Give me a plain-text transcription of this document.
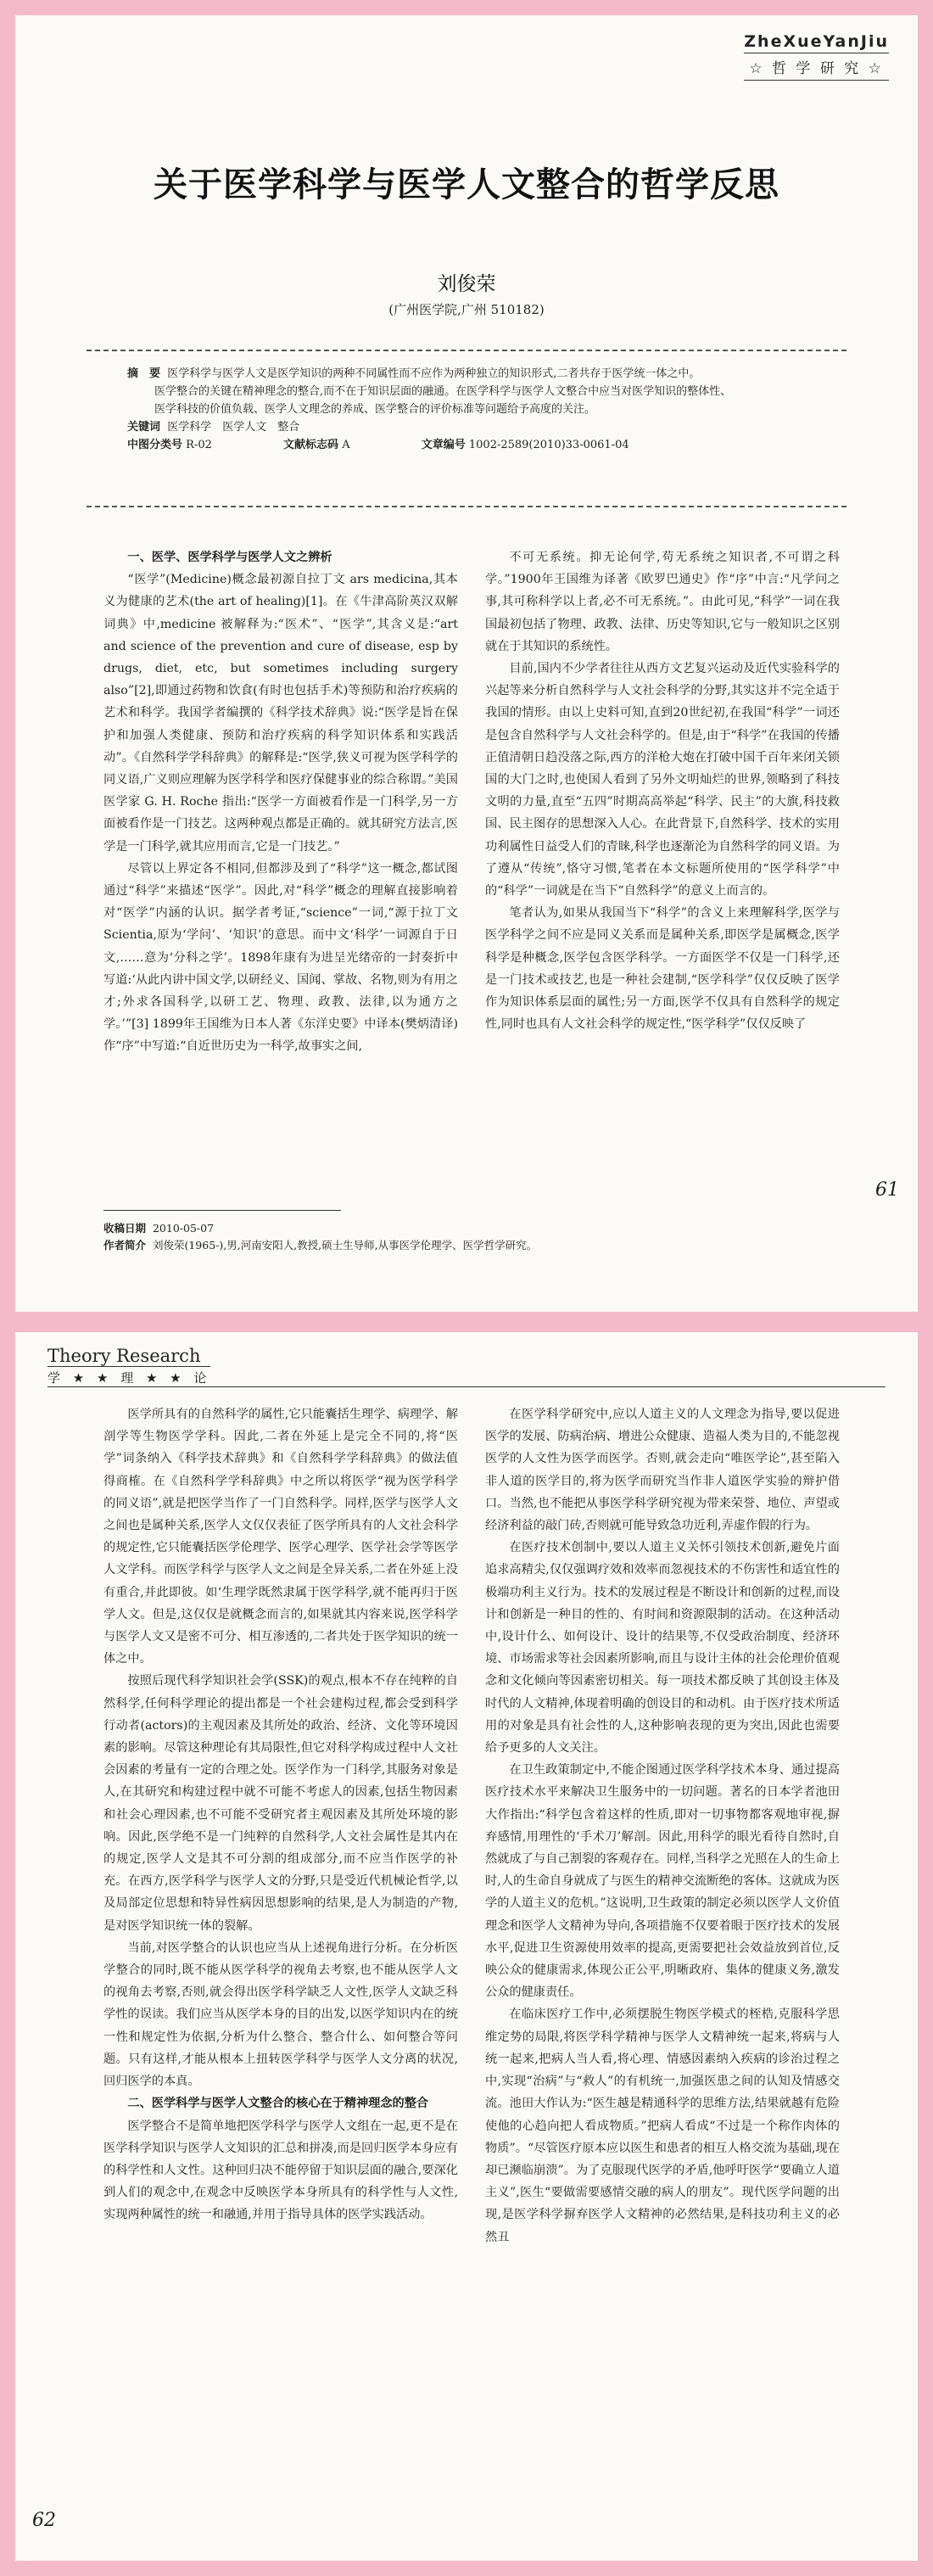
ZheXueYanJiu
☆ 哲 学 研 究 ☆
关于医学科学与医学人文整合的哲学反思
刘俊荣
(广州医学院,广州 510182)
摘　要 医学科学与医学人文是医学知识的两种不同属性而不应作为两种独立的知识形式,二者共存于医学统一体之中。
医学整合的关键在精神理念的整合,而不在于知识层面的融通。在医学科学与医学人文整合中应当对医学知识的整体性、
医学科技的价值负载、医学人文理念的养成、医学整合的评价标准等问题给予高度的关注。
关键词 医学科学　医学人文　整合
中图分类号 R-02	文献标志码 A	文章编号 1002-2589(2010)33-0061-04

一、医学、医学科学与医学人文之辨析

“医学”(Medicine)概念最初源自拉丁文 ars medicina,其本义为健康的艺术(the art of healing)[1]。在《牛津高阶英汉双解词典》中,medicine 被解释为:“医术”、“医学”,其含义是:“art and science of the prevention and cure of disease, esp by drugs, diet, etc, but sometimes including surgery also”[2],即通过药物和饮食(有时也包括手术)等预防和治疗疾病的艺术和科学。我国学者编撰的《科学技术辞典》说:“医学是旨在保护和加强人类健康、预防和治疗疾病的科学知识体系和实践活动”。《自然科学学科辞典》的解释是:“医学,狭义可视为医学科学的同义语,广义则应理解为医学科学和医疗保健事业的综合称谓。”美国医学家 G. H. Roche 指出:“医学一方面被看作是一门科学,另一方面被看作是一门技艺。这两种观点都是正确的。就其研究方法言,医学是一门科学,就其应用而言,它是一门技艺。”

尽管以上界定各不相同,但都涉及到了“科学”这一概念,都试图通过“科学”来描述“医学”。因此,对“科学”概念的理解直接影响着对“医学”内涵的认识。据学者考证,“science”一词,“源于拉丁文 Scientia,原为‘学问’、‘知识’的意思。而中文‘科学’一词源自于日文,……意为‘分科之学’。1898年康有为进呈光绪帝的一封奏折中写道:‘从此内讲中国文学,以研经义、国闻、掌故、名物,则为有用之才;外求各国科学,以研工艺、物理、政教、法律,以为通方之学。’”[3] 1899年王国维为日本人著《东洋史要》中译本(樊炳清译)作“序”中写道:“自近世历史为一科学,故事实之间,

不可无系统。抑无论何学,苟无系统之知识者,不可谓之科学。”1900年王国维为译著《欧罗巴通史》作“序”中言:“凡学问之事,其可称科学以上者,必不可无系统。”。由此可见,“科学”一词在我国最初包括了物理、政教、法律、历史等知识,它与一般知识之区别就在于其知识的系统性。

目前,国内不少学者往往从西方文艺复兴运动及近代实验科学的兴起等来分析自然科学与人文社会科学的分野,其实这并不完全适于我国的情形。由以上史料可知,直到20世纪初,在我国“科学”一词还是包含自然科学与人文社会科学的。但是,由于“科学”在我国的传播正值清朝日趋没落之际,西方的洋枪大炮在打破中国千百年来闭关锁国的大门之时,也使国人看到了另外文明灿烂的世界,领略到了科技文明的力量,直至“五四”时期高高举起“科学、民主”的大旗,科技救国、民主图存的思想深入人心。在此背景下,自然科学、技术的实用功利属性日益受人们的青睐,科学也逐渐沦为自然科学的同义语。为了遵从“传统”,恪守习惯,笔者在本文标题所使用的“医学科学”中的“科学”一词就是在当下“自然科学”的意义上而言的。

笔者认为,如果从我国当下“科学”的含义上来理解科学,医学与医学科学之间不应是同义关系而是属种关系,即医学是属概念,医学科学是种概念,医学包含医学科学。一方面医学不仅是一门科学,还是一门技术或技艺,也是一种社会建制,“医学科学”仅仅反映了医学作为知识体系层面的属性;另一方面,医学不仅具有自然科学的规定性,同时也具有人文社会科学的规定性,“医学科学”仅仅反映了

收稿日期 2010-05-07
作者简介 刘俊荣(1965-),男,河南安阳人,教授,硕士生导师,从事医学伦理学、医学哲学研究。
61
Theory Research
学 ★ ★ 理 ★ ★ 论

医学所具有的自然科学的属性,它只能囊括生理学、病理学、解剖学等生物医学学科。因此,二者在外延上是完全不同的,将“医学”词条纳入《科学技术辞典》和《自然科学学科辞典》的做法值得商榷。在《自然科学学科辞典》中之所以将医学“视为医学科学的同义语”,就是把医学当作了一门自然科学。同样,医学与医学人文之间也是属种关系,医学人文仅仅表征了医学所具有的人文社会科学的规定性,它只能囊括医学伦理学、医学心理学、医学社会学等医学人文学科。而医学科学与医学人文之间是全异关系,二者在外延上没有重合,并此即彼。如‘生理学既然隶属于医学科学,就不能再归于医学人文。但是,这仅仅是就概念而言的,如果就其内容来说,医学科学与医学人文又是密不可分、相互渗透的,二者共处于医学知识的统一体之中。

按照后现代科学知识社会学(SSK)的观点,根本不存在纯粹的自然科学,任何科学理论的提出都是一个社会建构过程,都会受到科学行动者(actors)的主观因素及其所处的政治、经济、文化等环境因素的影响。尽管这种理论有其局限性,但它对科学构成过程中人文社会因素的考量有一定的合理之处。医学作为一门科学,其服务对象是人,在其研究和构建过程中就不可能不考虑人的因素,包括生物因素和社会心理因素,也不可能不受研究者主观因素及其所处环境的影响。因此,医学绝不是一门纯粹的自然科学,人文社会属性是其内在的规定,医学人文是其不可分割的组成部分,而不应当作医学的补充。在西方,医学科学与医学人文的分野,只是受近代机械论哲学,以及局部定位思想和特异性病因思想影响的结果,是人为制造的产物,是对医学知识统一体的裂解。

当前,对医学整合的认识也应当从上述视角进行分析。在分析医学整合的同时,既不能从医学科学的视角去考察,也不能从医学人文的视角去考察,否则,就会得出医学科学缺乏人文性,医学人文缺乏科学性的误读。我们应当从医学本身的目的出发,以医学知识内在的统一性和规定性为依据,分析为什么整合、整合什么、如何整合等问题。只有这样,才能从根本上扭转医学科学与医学人文分离的状况,回归医学的本真。

二、医学科学与医学人文整合的核心在于精神理念的整合

医学整合不是简单地把医学科学与医学人文组在一起,更不是在医学科学知识与医学人文知识的汇总和拼凑,而是回归医学本身应有的科学性和人文性。这种回归决不能停留于知识层面的融合,要深化到人们的观念中,在观念中反映医学本身所具有的科学性与人文性,实现两种属性的统一和融通,并用于指导具体的医学实践活动。

在医学科学研究中,应以人道主义的人文理念为指导,要以促进医学的发展、防病治病、增进公众健康、造福人类为目的,不能忽视医学的人文性为医学而医学。否则,就会走向“唯医学论”,甚至陷入非人道的医学目的,将为医学而研究当作非人道医学实验的辩护借口。当然,也不能把从事医学科学研究视为带来荣誉、地位、声望或经济利益的敲门砖,否则就可能导致急功近利,弄虚作假的行为。

在医疗技术创制中,要以人道主义关怀引领技术创新,避免片面追求高精尖,仅仅强调疗效和效率而忽视技术的不伤害性和适宜性的极端功利主义行为。技术的发展过程是不断设计和创新的过程,而设计和创新是一种目的性的、有时间和资源限制的活动。在这种活动中,设计什么、如何设计、设计的结果等,不仅受政治制度、经济环境、市场需求等社会因素所影响,而且与设计主体的社会伦理价值观念和文化倾向等因素密切相关。每一项技术都反映了其创设主体及时代的人文精神,体现着明确的创设目的和动机。由于医疗技术所适用的对象是具有社会性的人,这种影响表现的更为突出,因此也需要给予更多的人文关注。

在卫生政策制定中,不能企图通过医学科学技术本身、通过提高医疗技术水平来解决卫生服务中的一切问题。著名的日本学者池田大作指出:“科学包含着这样的性质,即对一切事物都客观地审视,摒弃感情,用理性的‘手术刀’解剖。因此,用科学的眼光看待自然时,自然就成了与自己割裂的客观存在。同样,当科学之光照在人的生命上时,人的生命自身就成了与医生的精神交流断绝的客体。这就成为医学的人道主义的危机。”这说明,卫生政策的制定必须以医学人文价值理念和医学人文精神为导向,各项措施不仅要着眼于医疗技术的发展水平,促进卫生资源使用效率的提高,更需要把社会效益放到首位,反映公众的健康需求,体现公正公平,明晰政府、集体的健康义务,激发公众的健康责任。

在临床医疗工作中,必须摆脱生物医学模式的桎梏,克服科学思维定势的局限,将医学科学精神与医学人文精神统一起来,将病与人统一起来,把病人当人看,将心理、情感因素纳入疾病的诊治过程之中,实现“治病”与“救人”的有机统一,加强医患之间的认知及情感交流。池田大作认为:“医生越是精通科学的思维方法,结果就越有危险使他的心趋向把人看成物质。”把病人看成“不过是一个称作肉体的物质”。“尽管医疗原本应以医生和患者的相互人格交流为基础,现在却已濒临崩溃”。为了克服现代医学的矛盾,他呼吁医学“要确立人道主义”,医生“要做需要感情交融的病人的朋友”。现代医学问题的出现,是医学科学摒弃医学人文精神的必然结果,是科技功利主义的必然丑

62
